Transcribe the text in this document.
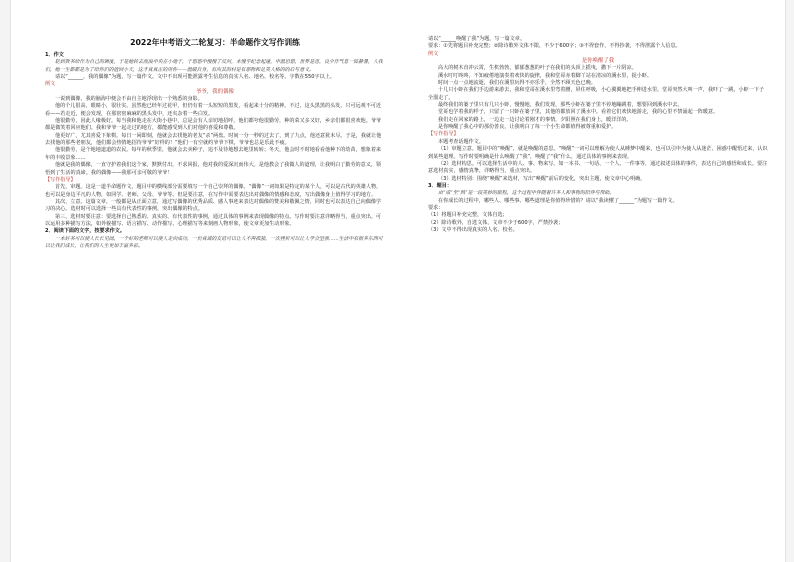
2022年中考语文二轮复习：半命题作文写作训练

1．作文

轮到教书给作为自己的调度，于是她转去流浪中央在小地于，于悠悠中慢慢了反问，本慢乎纪念起速，中温思想，世界是思，良少作气息一阵静暑，人我们，她一生都都是为了给你们的值回小天，这才真真正的用你——温暖自身，有向其的村是有那物和足美人格的的后与意义。

请以“______，我的偶像”为题，写一篇作文。文中不出现可能泄露考生信息的真实人名、地名、校名等。字数在550字以上。

例文

爷爷，我的偶像

一说到偶像，我的脑海中便会不由自主地浮现出一个熟悉的身影。

他的个儿很高，眼睛小，很壮实。虽然他已经年过花甲，但仍有着一头短短的黑发，看起来十分的精神。不过，这头黑黑的头发，只可远观不可近看——若走近，便会发现，在那密密麻麻的黑头发中，还夹杂着一些白发。

他很勤劳，因此人缘极好。每当我和他走在大街小巷中，总是会有人亲切地招呼，他们都夸他很勤劳，种的菜又多又好，乡亲们都很喜欢他。爷爷都是微笑着回应他们。我和爷爷一起走过的地方，都能感受到人们对他的喜爱和尊敬。

他更好广，尤其喜爱下象棋。每日一闲即刻，他就会去找他的老友“杀”两盘。时间一分一秒的过去了，到了九点，他还意犹未尽。于是，我就让他去找他的那些老朋友，他们都会热情地招待爷爷“好样的！”他们一有空就约爷爷下棋，爷爷也总是乐此不疲。

他很勤劳，是个地地道道的农民。每年的秋季里，他就会去卖种子，追不及待地想去地里转转；冬天，他会时不时地看看他种下的幼苗，想象着来年的丰收景象……

他就是我的偶像，一直守护着我们这个家，默默付出，不求回报，他对我的爱深沉而伟大。是他教会了我做人的道理，让我明白了勤劳的意义，领悟到了生活的真谛。我的偶像——我那可亲可敬的爷爷！

【写作指导】

首先，审题。这是一道半命题作文，题目中的横线部分需要填写一个自己崇拜的偶像。“偶像”一词如果是特定的某个人，可以是古代的英雄人物，也可以是身边平凡的人物，如同学、老师、父母、爷爷等。但是要注意，在写作中需要表达出对偶像的情感和态度，写出偶像身上值得学习的地方。

其次，立意。这篇文章，一般都是从正面立意，通过写偶像的优秀品质、感人事迹来表达对偶像的赞美和敬佩之情，同时也可以表达自己向偶像学习的决心。选材时可以选择一些具有代表性的事例，突出偶像的特点。

第三，选材时要注意：要选择自己熟悉的、真实的、有代表性的事例，通过具体的事例来表现偶像的特点。写作时要注意详略得当，重点突出。可以运用多种描写方法，如外貌描写、语言描写、动作描写、心理描写等来刻画人物形象，使文章更加生动形象。

2．阅读下面的文字，按要求作文。

一本好书可以使人长长见闻，一个好的老师可以使人走向成功，一份真诚的友谊可以让人不再孤独，一次挫折可以让人学会坚强……生活中有很多东西可以让我们成长，让我们的人生更加丰富多彩。

请以“______唤醒了我”为题，写一篇文章。

要求：①先将题目补充完整；②除诗歌外文体不限，不少于600字；③不得套作，不得抄袭，不得泄露个人信息。

例文

是你唤醒了我

高大的树木直冲云霄，生机勃勃，郁郁葱葱的叶子在我们的头顶上摇曳，撒下一片阴凉。

溪水叮叮咚咚，不知疲倦地演奏着欢快的旋律，我和堂哥赤着脚丫站在清凉的溪水里，捉小虾。

时间一点一点地流逝，我们在溪里玩得不亦乐乎，全然不顾天色已晚。

十几只小虾在我们手边游来游去，我和堂哥在溪水里弯着腰，屏住呼吸，小心翼翼地把手伸进水里。堂哥突然大叫一声，我吓了一跳，小虾一下子全溜走了。

最终我们的篓子里只有几只小虾，慢慢地，我们发现，那些小虾在篓子里不停地蹦跳着，想要回到溪水中去。

堂哥也学着我的样子，只留了一只虾在篓子里，其他的都放回了溪水中。看着它们欢快地游走，我的心里不禁涌起一阵暖意。

我们走在回家的路上，一边走一边讨论着刚才的事情，夕阳照在我们身上，暖洋洋的。

是你唤醒了我心中的那份善良，让我明白了每一个小生命都值得被尊重和爱护。

【写作指导】

本题考查话题作文。

（1）审题立意。题目中的“唤醒”，就是唤醒的意思。“唤醒”一词可以理解为使人从睡梦中醒来，也可以引申为使人从迷茫、困惑中醒悟过来，认识到某些道理。写作时要明确是什么唤醒了“我”，唤醒了“我”什么，通过具体的事例来表现。

（2）选材构思。可以选择生活中的人、事、物来写，如一本书、一句话、一个人、一件事等，通过叙述具体的事件，表达自己的感悟和成长。要注意选材真实，感情真挚，详略得当，重点突出。

（3）选材特别：围绕“唤醒”来选材，写出“唤醒”前后的变化，突出主题，使文章中心明确。

3．题目：

由“成”至“熟”是一段美妙的旅程，这个过程中伴随着许多人和事物的陪伴与帮助。

在你成长的过程中，哪些人、哪些事、哪些道理是你值得珍惜的？请以“我读懂了______”为题写一篇作文。

要求：

（1）将题目补充完整，文体自选；

（2）除诗歌外，自选文体，文章不少于600字，严禁抄袭；

（3）文中不得出现真实的人名、校名。
